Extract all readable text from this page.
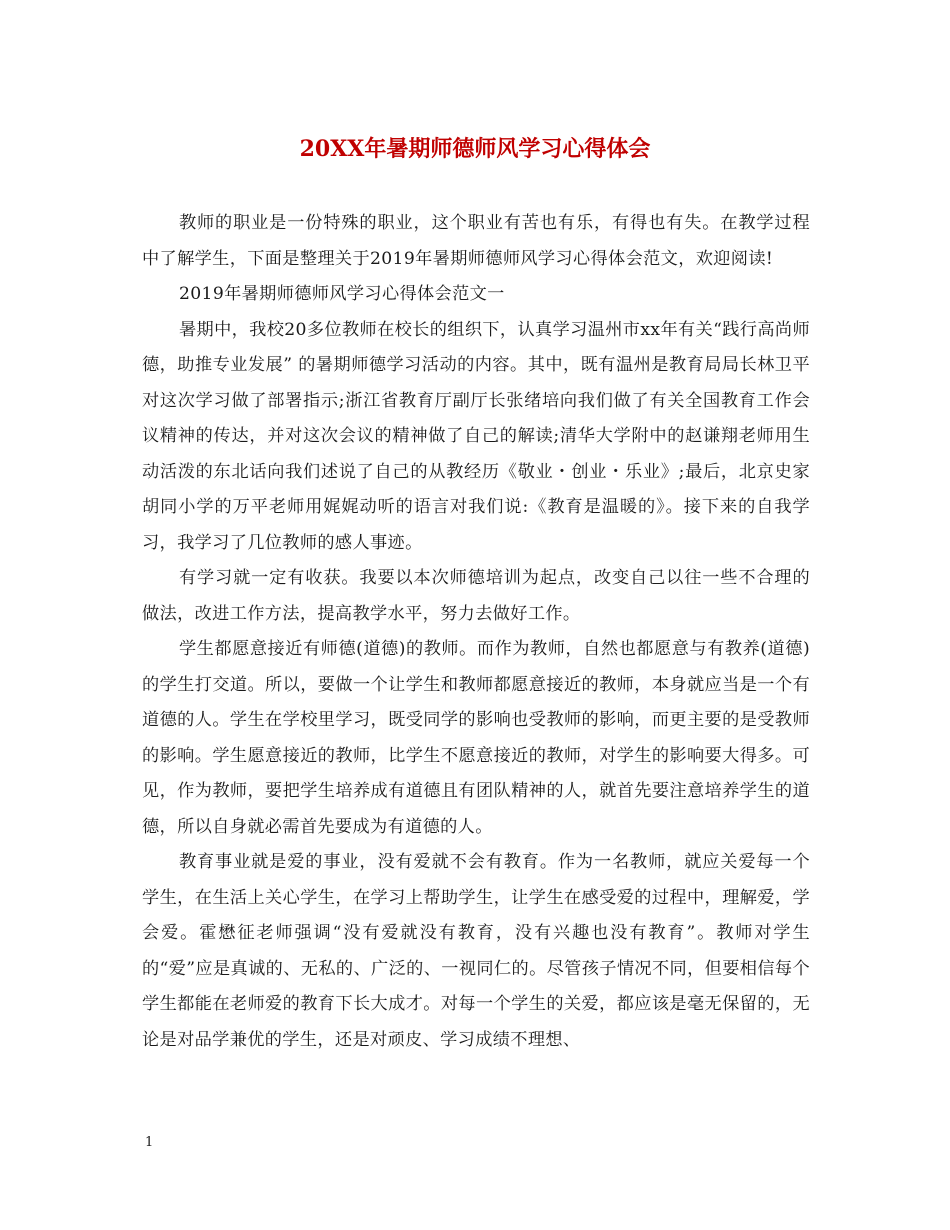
20XX年暑期师德师风学习心得体会

教师的职业是一份特殊的职业，这个职业有苦也有乐，有得也有失。在教学过程中了解学生，下面是整理关于2019年暑期师德师风学习心得体会范文，欢迎阅读!

2019年暑期师德师风学习心得体会范文一

暑期中，我校20多位教师在校长的组织下，认真学习温州市xx年有关“践行高尚师德，助推专业发展” 的暑期师德学习活动的内容。其中，既有温州是教育局局长林卫平对这次学习做了部署指示;浙江省教育厅副厅长张绪培向我们做了有关全国教育工作会议精神的传达，并对这次会议的精神做了自己的解读;清华大学附中的赵谦翔老师用生动活泼的东北话向我们述说了自己的从教经历《敬业・创业・乐业》;最后，北京史家胡同小学的万平老师用娓娓动听的语言对我们说:《教育是温暖的》。接下来的自我学习，我学习了几位教师的感人事迹。

有学习就一定有收获。我要以本次师德培训为起点，改变自己以往一些不合理的做法，改进工作方法，提高教学水平，努力去做好工作。

学生都愿意接近有师德(道德)的教师。而作为教师，自然也都愿意与有教养(道德)的学生打交道。所以，要做一个让学生和教师都愿意接近的教师，本身就应当是一个有道德的人。学生在学校里学习，既受同学的影响也受教师的影响，而更主要的是受教师的影响。学生愿意接近的教师，比学生不愿意接近的教师，对学生的影响要大得多。可见，作为教师，要把学生培养成有道德且有团队精神的人，就首先要注意培养学生的道德，所以自身就必需首先要成为有道德的人。

教育事业就是爱的事业，没有爱就不会有教育。作为一名教师，就应关爱每一个学生，在生活上关心学生，在学习上帮助学生，让学生在感受爱的过程中，理解爱，学会爱。霍懋征老师强调“没有爱就没有教育，没有兴趣也没有教育”。教师对学生的“爱”应是真诚的、无私的、广泛的、一视同仁的。尽管孩子情况不同，但要相信每个学生都能在老师爱的教育下长大成才。对每一个学生的关爱，都应该是毫无保留的，无论是对品学兼优的学生，还是对顽皮、学习成绩不理想、

1
